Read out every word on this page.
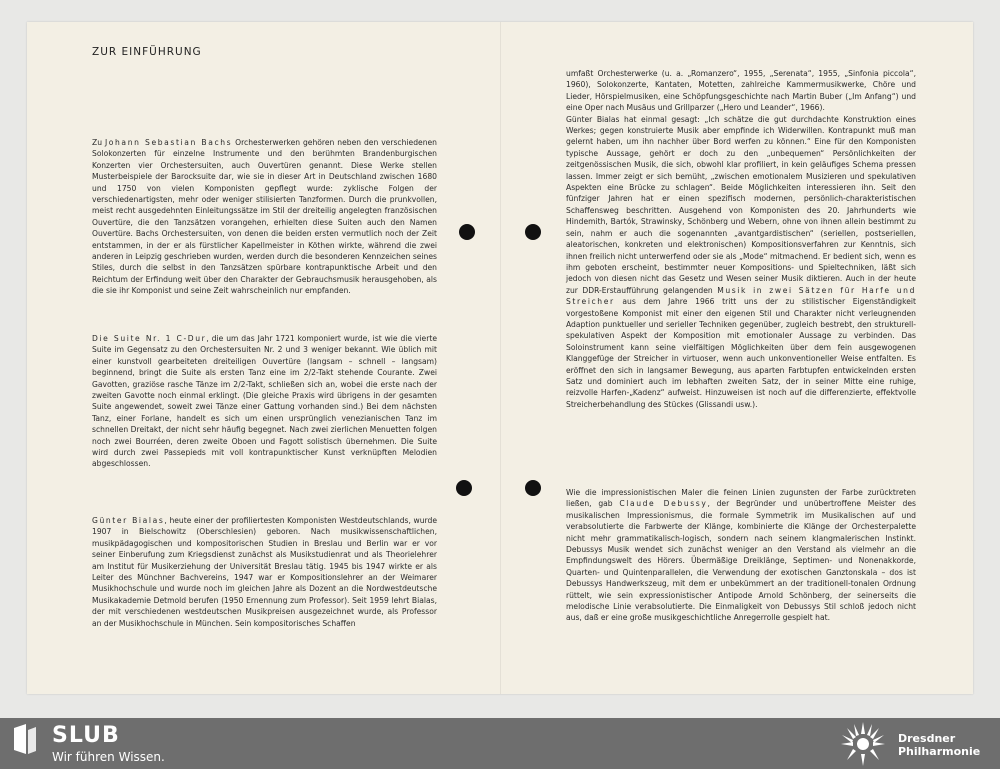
ZUR EINFÜHRUNG

Zu Johann Sebastian Bachs Orchesterwerken gehören neben den verschiedenen Solokonzerten für einzelne Instrumente und den berühmten Brandenburgischen Konzerten vier Orchestersuiten, auch Ouvertüren genannt. Diese Werke stellen Musterbeispiele der Barocksuite dar, wie sie in dieser Art in Deutschland zwischen 1680 und 1750 von vielen Komponisten gepflegt wurde: zyklische Folgen der verschiedenartigsten, mehr oder weniger stilisierten Tanzformen. Durch die prunkvollen, meist recht ausgedehnten Einleitungssätze im Stil der dreiteilig angelegten französischen Ouvertüre, die den Tanzsätzen vorangehen, erhielten diese Suiten auch den Namen Ouvertüre. Bachs Orchestersuiten, von denen die beiden ersten vermutlich noch der Zeit entstammen, in der er als fürstlicher Kapellmeister in Köthen wirkte, während die zwei anderen in Leipzig geschrieben wurden, werden durch die besonderen Kennzeichen seines Stiles, durch die selbst in den Tanzsätzen spürbare kontrapunktische Arbeit und den Reichtum der Erfindung weit über den Charakter der Gebrauchsmusik herausgehoben, als die sie ihr Komponist und seine Zeit wahrscheinlich nur empfanden.

Die Suite Nr. 1 C-Dur, die um das Jahr 1721 komponiert wurde, ist wie die vierte Suite im Gegensatz zu den Orchestersuiten Nr. 2 und 3 weniger bekannt. Wie üblich mit einer kunstvoll gearbeiteten dreiteiligen Ouvertüre (langsam – schnell – langsam) beginnend, bringt die Suite als ersten Tanz eine im 2/2-Takt stehende Courante. Zwei Gavotten, graziöse rasche Tänze im 2/2-Takt, schließen sich an, wobei die erste nach der zweiten Gavotte noch einmal erklingt. (Die gleiche Praxis wird übrigens in der gesamten Suite angewendet, soweit zwei Tänze einer Gattung vorhanden sind.) Bei dem nächsten Tanz, einer Forlane, handelt es sich um einen ursprünglich venezianischen Tanz im schnellen Dreitakt, der nicht sehr häufig begegnet. Nach zwei zierlichen Menuetten folgen noch zwei Bourréen, deren zweite Oboen und Fagott solistisch übernehmen. Die Suite wird durch zwei Passepieds mit voll kontrapunktischer Kunst verknüpften Melodien abgeschlossen.

Günter Bialas, heute einer der profiliertesten Komponisten Westdeutschlands, wurde 1907 in Bielschowitz (Oberschlesien) geboren. Nach musikwissenschaftlichen, musikpädagogischen und kompositorischen Studien in Breslau und Berlin war er vor seiner Einberufung zum Kriegsdienst zunächst als Musikstudienrat und als Theorielehrer am Institut für Musikerziehung der Universität Breslau tätig. 1945 bis 1947 wirkte er als Leiter des Münchner Bachvereins, 1947 war er Kompositionslehrer an der Weimarer Musikhochschule und wurde noch im gleichen Jahre als Dozent an die Nordwestdeutsche Musikakademie Detmold berufen (1950 Ernennung zum Professor). Seit 1959 lehrt Bialas, der mit verschiedenen westdeutschen Musikpreisen ausgezeichnet wurde, als Professor an der Musikhochschule in München. Sein kompositorisches Schaffen

umfaßt Orchesterwerke (u. a. „Romanzero“, 1955, „Serenata“, 1955, „Sinfonia piccola“, 1960), Solokonzerte, Kantaten, Motetten, zahlreiche Kammermusikwerke, Chöre und Lieder, Hörspielmusiken, eine Schöpfungsgeschichte nach Martin Buber („Im Anfang“) und eine Oper nach Musäus und Grillparzer („Hero und Leander“, 1966).

Günter Bialas hat einmal gesagt: „Ich schätze die gut durchdachte Konstruktion eines Werkes; gegen konstruierte Musik aber empfinde ich Widerwillen. Kontrapunkt muß man gelernt haben, um ihn nachher über Bord werfen zu können.“ Eine für den Komponisten typische Aussage, gehört er doch zu den „unbequemen“ Persönlichkeiten der zeitgenössischen Musik, die sich, obwohl klar profiliert, in kein geläufiges Schema pressen lassen. Immer zeigt er sich bemüht, „zwischen emotionalem Musizieren und spekulativen Aspekten eine Brücke zu schlagen“. Beide Möglichkeiten interessieren ihn. Seit den fünfziger Jahren hat er einen spezifisch modernen, persönlich-charakteristischen Schaffensweg beschritten. Ausgehend von Komponisten des 20. Jahrhunderts wie Hindemith, Bartók, Strawinsky, Schönberg und Webern, ohne von ihnen allein bestimmt zu sein, nahm er auch die sogenannten „avantgardistischen“ (seriellen, postseriellen, aleatorischen, konkreten und elektronischen) Kompositionsverfahren zur Kenntnis, sich ihnen freilich nicht unterwerfend oder sie als „Mode“ mitmachend. Er bedient sich, wenn es ihm geboten erscheint, bestimmter neuer Kompositions- und Spieltechniken, läßt sich jedoch von diesen nicht das Gesetz und Wesen seiner Musik diktieren. Auch in der heute zur DDR-Erstaufführung gelangenden Musik in zwei Sätzen für Harfe und Streicher aus dem Jahre 1966 tritt uns der zu stilistischer Eigenständigkeit vorgestoßene Komponist mit einer den eigenen Stil und Charakter nicht verleugnenden Adaption punktueller und serieller Techniken gegenüber, zugleich bestrebt, den strukturell-spekulativen Aspekt der Komposition mit emotionaler Aussage zu verbinden. Das Soloinstrument kann seine vielfältigen Möglichkeiten über dem fein ausgewogenen Klanggefüge der Streicher in virtuoser, wenn auch unkonventioneller Weise entfalten. Es eröffnet den sich in langsamer Bewegung, aus aparten Farbtupfen entwickelnden ersten Satz und dominiert auch im lebhaften zweiten Satz, der in seiner Mitte eine ruhige, reizvolle Harfen-„Kadenz“ aufweist. Hinzuweisen ist noch auf die differenzierte, effektvolle Streicherbehandlung des Stückes (Glissandi usw.).

Wie die impressionistischen Maler die feinen Linien zugunsten der Farbe zurücktreten ließen, gab Claude Debussy, der Begründer und unübertroffene Meister des musikalischen Impressionismus, die formale Symmetrik im Musikalischen auf und verabsolutierte die Farbwerte der Klänge, kombinierte die Klänge der Orchesterpalette nicht mehr grammatikalisch-logisch, sondern nach seinem klangmalerischen Instinkt. Debussys Musik wendet sich zunächst weniger an den Verstand als vielmehr an die Empfindungswelt des Hörers. Übermäßige Dreiklänge, Septimen- und Nonenakkorde, Quarten- und Quintenparallelen, die Verwendung der exotischen Ganztonskala – dos ist Debussys Handwerkszeug, mit dem er unbekümmert an der traditionell-tonalen Ordnung rüttelt, wie sein expressionistischer Antipode Arnold Schönberg, der seinerseits die melodische Linie verabsolutierte. Die Einmaligkeit von Debussys Stil schloß jedoch nicht aus, daß er eine große musikgeschichtliche Anregerrolle gespielt hat.

SLUB
Wir führen Wissen.
Dresdner
Philharmonie
